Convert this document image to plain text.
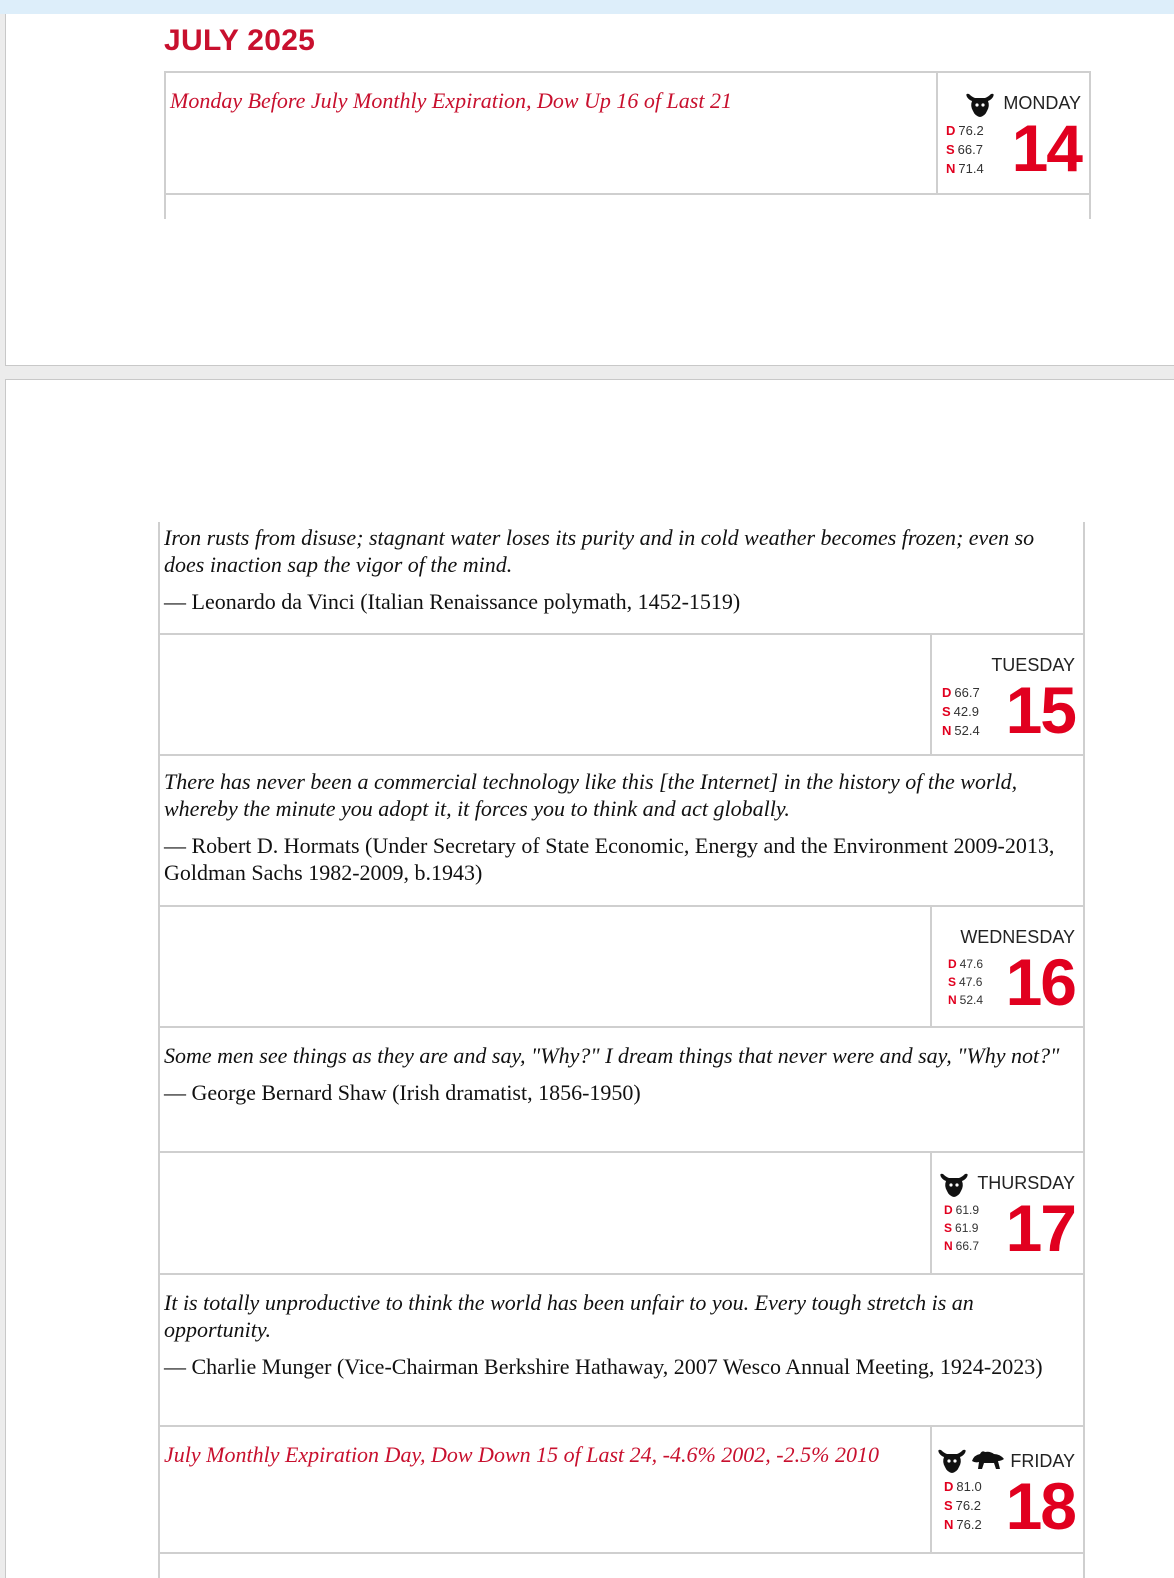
JULY 2025
Monday Before July Monthly Expiration, Dow Up 16 of Last 21	MONDAY
D 76.2
S 66.7
N 71.4 14
Iron rusts from disuse; stagnant water loses its purity and in cold weather becomes frozen; even so does inaction sap the vigor of the mind.
— Leonardo da Vinci (Italian Renaissance polymath, 1452-1519)
TUESDAY
D 66.7
S 42.9
N 52.4 15
There has never been a commercial technology like this [the Internet] in the history of the world, whereby the minute you adopt it, it forces you to think and act globally.
— Robert D. Hormats (Under Secretary of State Economic, Energy and the Environment 2009-2013, Goldman Sachs 1982-2009, b.1943)
WEDNESDAY
D 47.6
S 47.6
N 52.4 16
Some men see things as they are and say, "Why?" I dream things that never were and say, "Why not?"
— George Bernard Shaw (Irish dramatist, 1856-1950)
THURSDAY
D 61.9
S 61.9
N 66.7 17
It is totally unproductive to think the world has been unfair to you. Every tough stretch is an opportunity.
— Charlie Munger (Vice-Chairman Berkshire Hathaway, 2007 Wesco Annual Meeting, 1924-2023)
July Monthly Expiration Day, Dow Down 15 of Last 24, -4.6% 2002, -2.5% 2010	FRIDAY
D 81.0
S 76.2
N 76.2 18
